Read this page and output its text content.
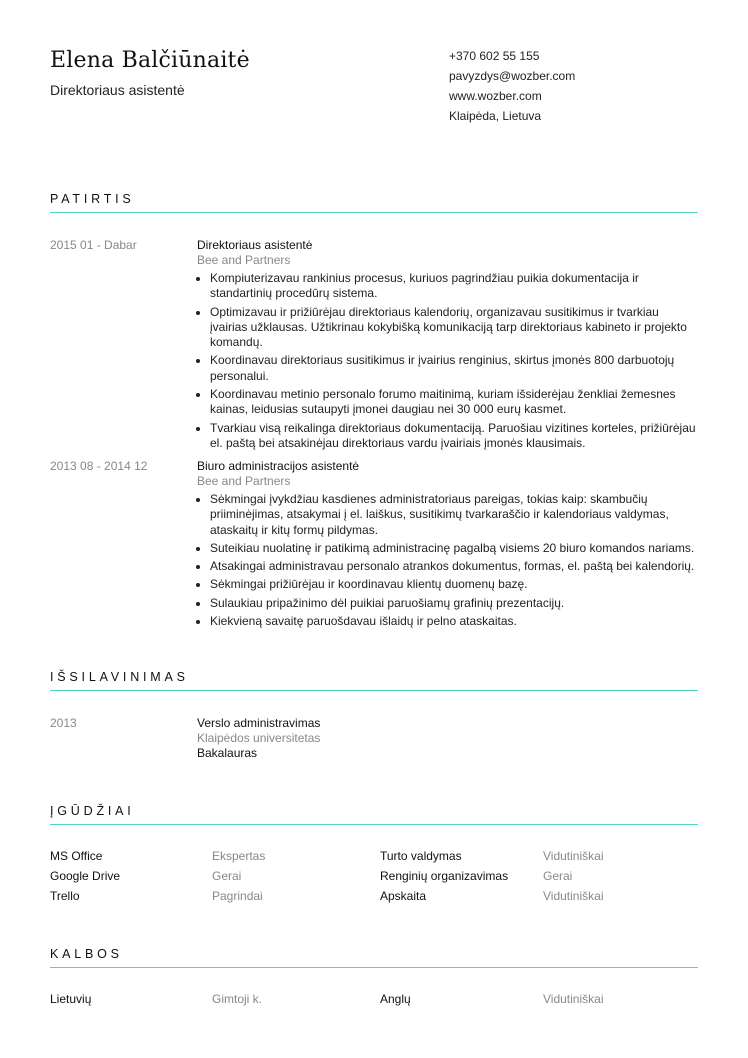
Elena Balčiūnaitė
Direktoriaus asistentė
+370 602 55 155
pavyzdys@wozber.com
www.wozber.com
Klaipėda, Lietuva
PATIRTIS
2015 01 - Dabar	Direktoriaus asistentė
Bee and Partners
• Kompiuterizavau rankinius procesus, kuriuos pagrindžiau puikia dokumentacija ir standartinių procedūrų sistema.
• Optimizavau ir prižiūrėjau direktoriaus kalendorių, organizavau susitikimus ir tvarkiau įvairias užklausas. Užtikrinau kokybišką komunikaciją tarp direktoriaus kabineto ir projekto komandų.
• Koordinavau direktoriaus susitikimus ir įvairius renginius, skirtus įmonės 800 darbuotojų personalui.
• Koordinavau metinio personalo forumo maitinimą, kuriam išsiderėjau ženkliai žemesnes kainas, leidusias sutaupyti įmonei daugiau nei 30 000 eurų kasmet.
• Tvarkiau visą reikalinga direktoriaus dokumentaciją. Paruošiau vizitines korteles, prižiūrėjau el. paštą bei atsakinėjau direktoriaus vardu įvairiais įmonės klausimais.
2013 08 - 2014 12	Biuro administracijos asistentė
Bee and Partners
• Sėkmingai įvykdžiau kasdienes administratoriaus pareigas, tokias kaip: skambučių priiminėjimas, atsakymai į el. laiškus, susitikimų tvarkaraščio ir kalendoriaus valdymas, ataskaitų ir kitų formų pildymas.
• Suteikiau nuolatinę ir patikimą administracinę pagalbą visiems 20 biuro komandos nariams.
• Atsakingai administravau personalo atrankos dokumentus, formas, el. paštą bei kalendorių.
• Sėkmingai prižiūrėjau ir koordinavau klientų duomenų bazę.
• Sulaukiau pripažinimo dėl puikiai paruošiamų grafinių prezentacijų.
• Kiekvieną savaitę paruošdavau išlaidų ir pelno ataskaitas.
IŠSILAVINIMAS
2013	Verslo administravimas
Klaipėdos universitetas
Bakalauras
ĮGŪDŽIAI
MS Office	Ekspertas	Turto valdymas	Vidutiniškai
Google Drive	Gerai	Renginių organizavimas	Gerai
Trello	Pagrindai	Apskaita	Vidutiniškai
KALBOS
Lietuvių	Gimtoji k.	Anglų	Vidutiniškai
